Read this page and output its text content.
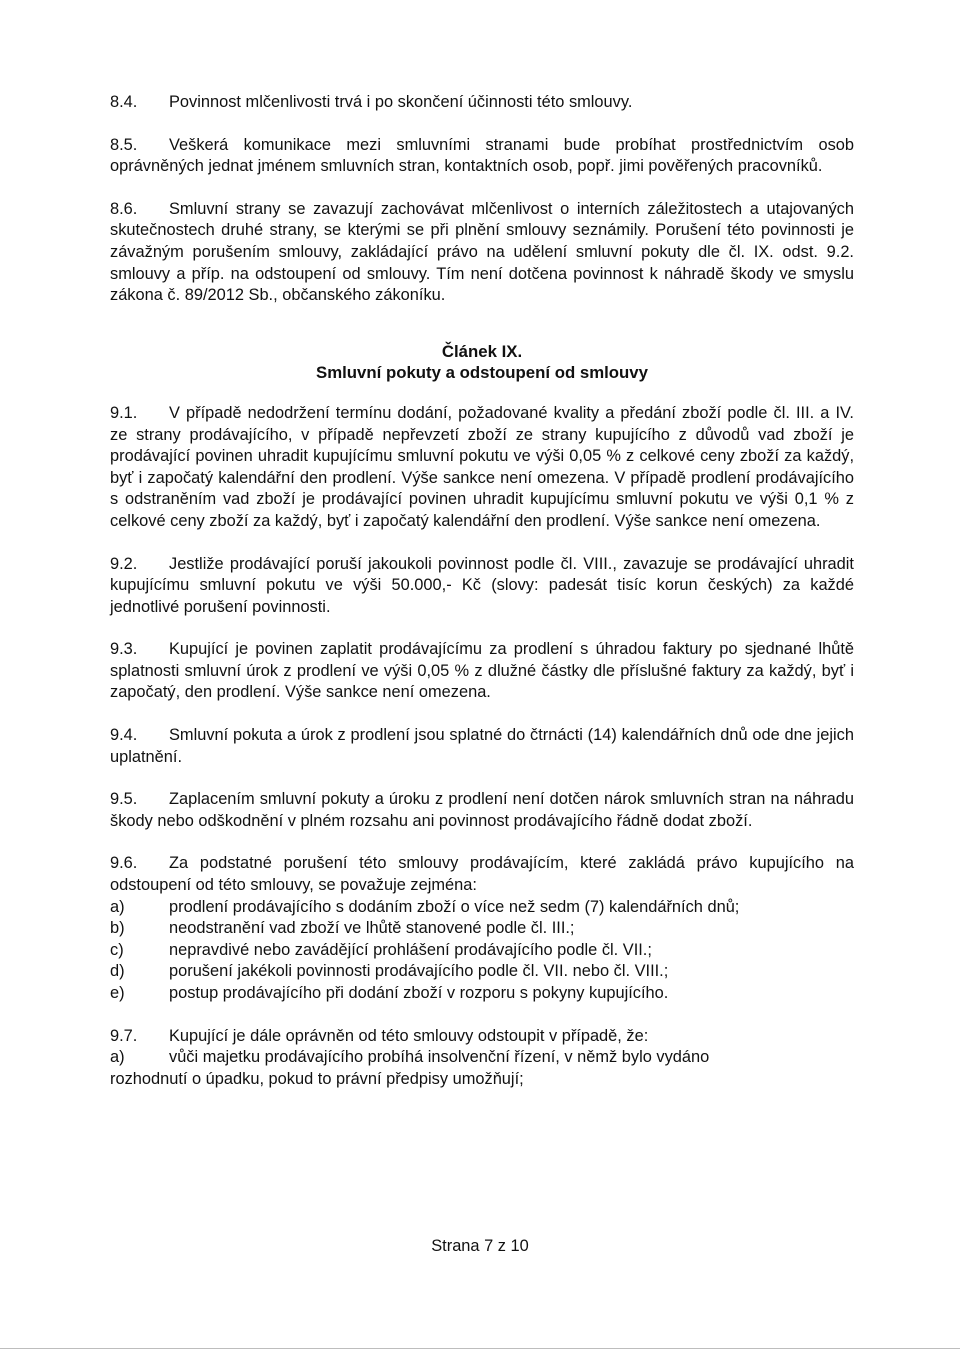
8.4.	Povinnost mlčenlivosti trvá i po skončení účinnosti této smlouvy.
8.5. Veškerá komunikace mezi smluvními stranami bude probíhat prostřednictvím osob oprávněných jednat jménem smluvních stran, kontaktních osob, popř. jimi pověřených pracovníků.
8.6. Smluvní strany se zavazují zachovávat mlčenlivost o interních záležitostech a utajovaných skutečnostech druhé strany, se kterými se při plnění smlouvy seznámily. Porušení této povinnosti je závažným porušením smlouvy, zakládající právo na udělení smluvní pokuty dle čl. IX. odst. 9.2. smlouvy a příp. na odstoupení od smlouvy. Tím není dotčena povinnost k náhradě škody ve smyslu zákona č. 89/2012 Sb., občanského zákoníku.
Článek IX.
Smluvní pokuty a odstoupení od smlouvy
9.1. V případě nedodržení termínu dodání, požadované kvality a předání zboží podle čl. III. a IV. ze strany prodávajícího, v případě nepřevzetí zboží ze strany kupujícího z důvodů vad zboží je prodávající povinen uhradit kupujícímu smluvní pokutu ve výši 0,05 % z celkové ceny zboží za každý, byť i započatý kalendářní den prodlení. Výše sankce není omezena. V případě prodlení prodávajícího s odstraněním vad zboží je prodávající povinen uhradit kupujícímu smluvní pokutu ve výši 0,1 % z celkové ceny zboží za každý, byť i započatý kalendářní den prodlení. Výše sankce není omezena.
9.2. Jestliže prodávající poruší jakoukoli povinnost podle čl. VIII., zavazuje se prodávající uhradit kupujícímu smluvní pokutu ve výši 50.000,- Kč (slovy: padesát tisíc korun českých) za každé jednotlivé porušení povinnosti.
9.3. Kupující je povinen zaplatit prodávajícímu za prodlení s úhradou faktury po sjednané lhůtě splatnosti smluvní úrok z prodlení ve výši 0,05 % z dlužné částky dle příslušné faktury za každý, byť i započatý, den prodlení. Výše sankce není omezena.
9.4. Smluvní pokuta a úrok z prodlení jsou splatné do čtrnácti (14) kalendářních dnů ode dne jejich uplatnění.
9.5. Zaplacením smluvní pokuty a úroku z prodlení není dotčen nárok smluvních stran na náhradu škody nebo odškodnění v plném rozsahu ani povinnost prodávajícího řádně dodat zboží.
9.6. Za podstatné porušení této smlouvy prodávajícím, které zakládá právo kupujícího na odstoupení od této smlouvy, se považuje zejména:
a)	prodlení prodávajícího s dodáním zboží o více než sedm (7) kalendářních dnů;
b)	neodstranění vad zboží ve lhůtě stanovené podle čl. III.;
c)	nepravdivé nebo zavádějící prohlášení prodávajícího podle čl. VII.;
d)	porušení jakékoli povinnosti prodávajícího podle čl. VII. nebo čl. VIII.;
e)	postup prodávajícího při dodání zboží v rozporu s pokyny kupujícího.
9.7.	Kupující je dále oprávněn od této smlouvy odstoupit v případě, že:
a)	vůči majetku prodávajícího probíhá insolvenční řízení, v němž bylo vydáno
rozhodnutí o úpadku, pokud to právní předpisy umožňují;
Strana 7 z 10
